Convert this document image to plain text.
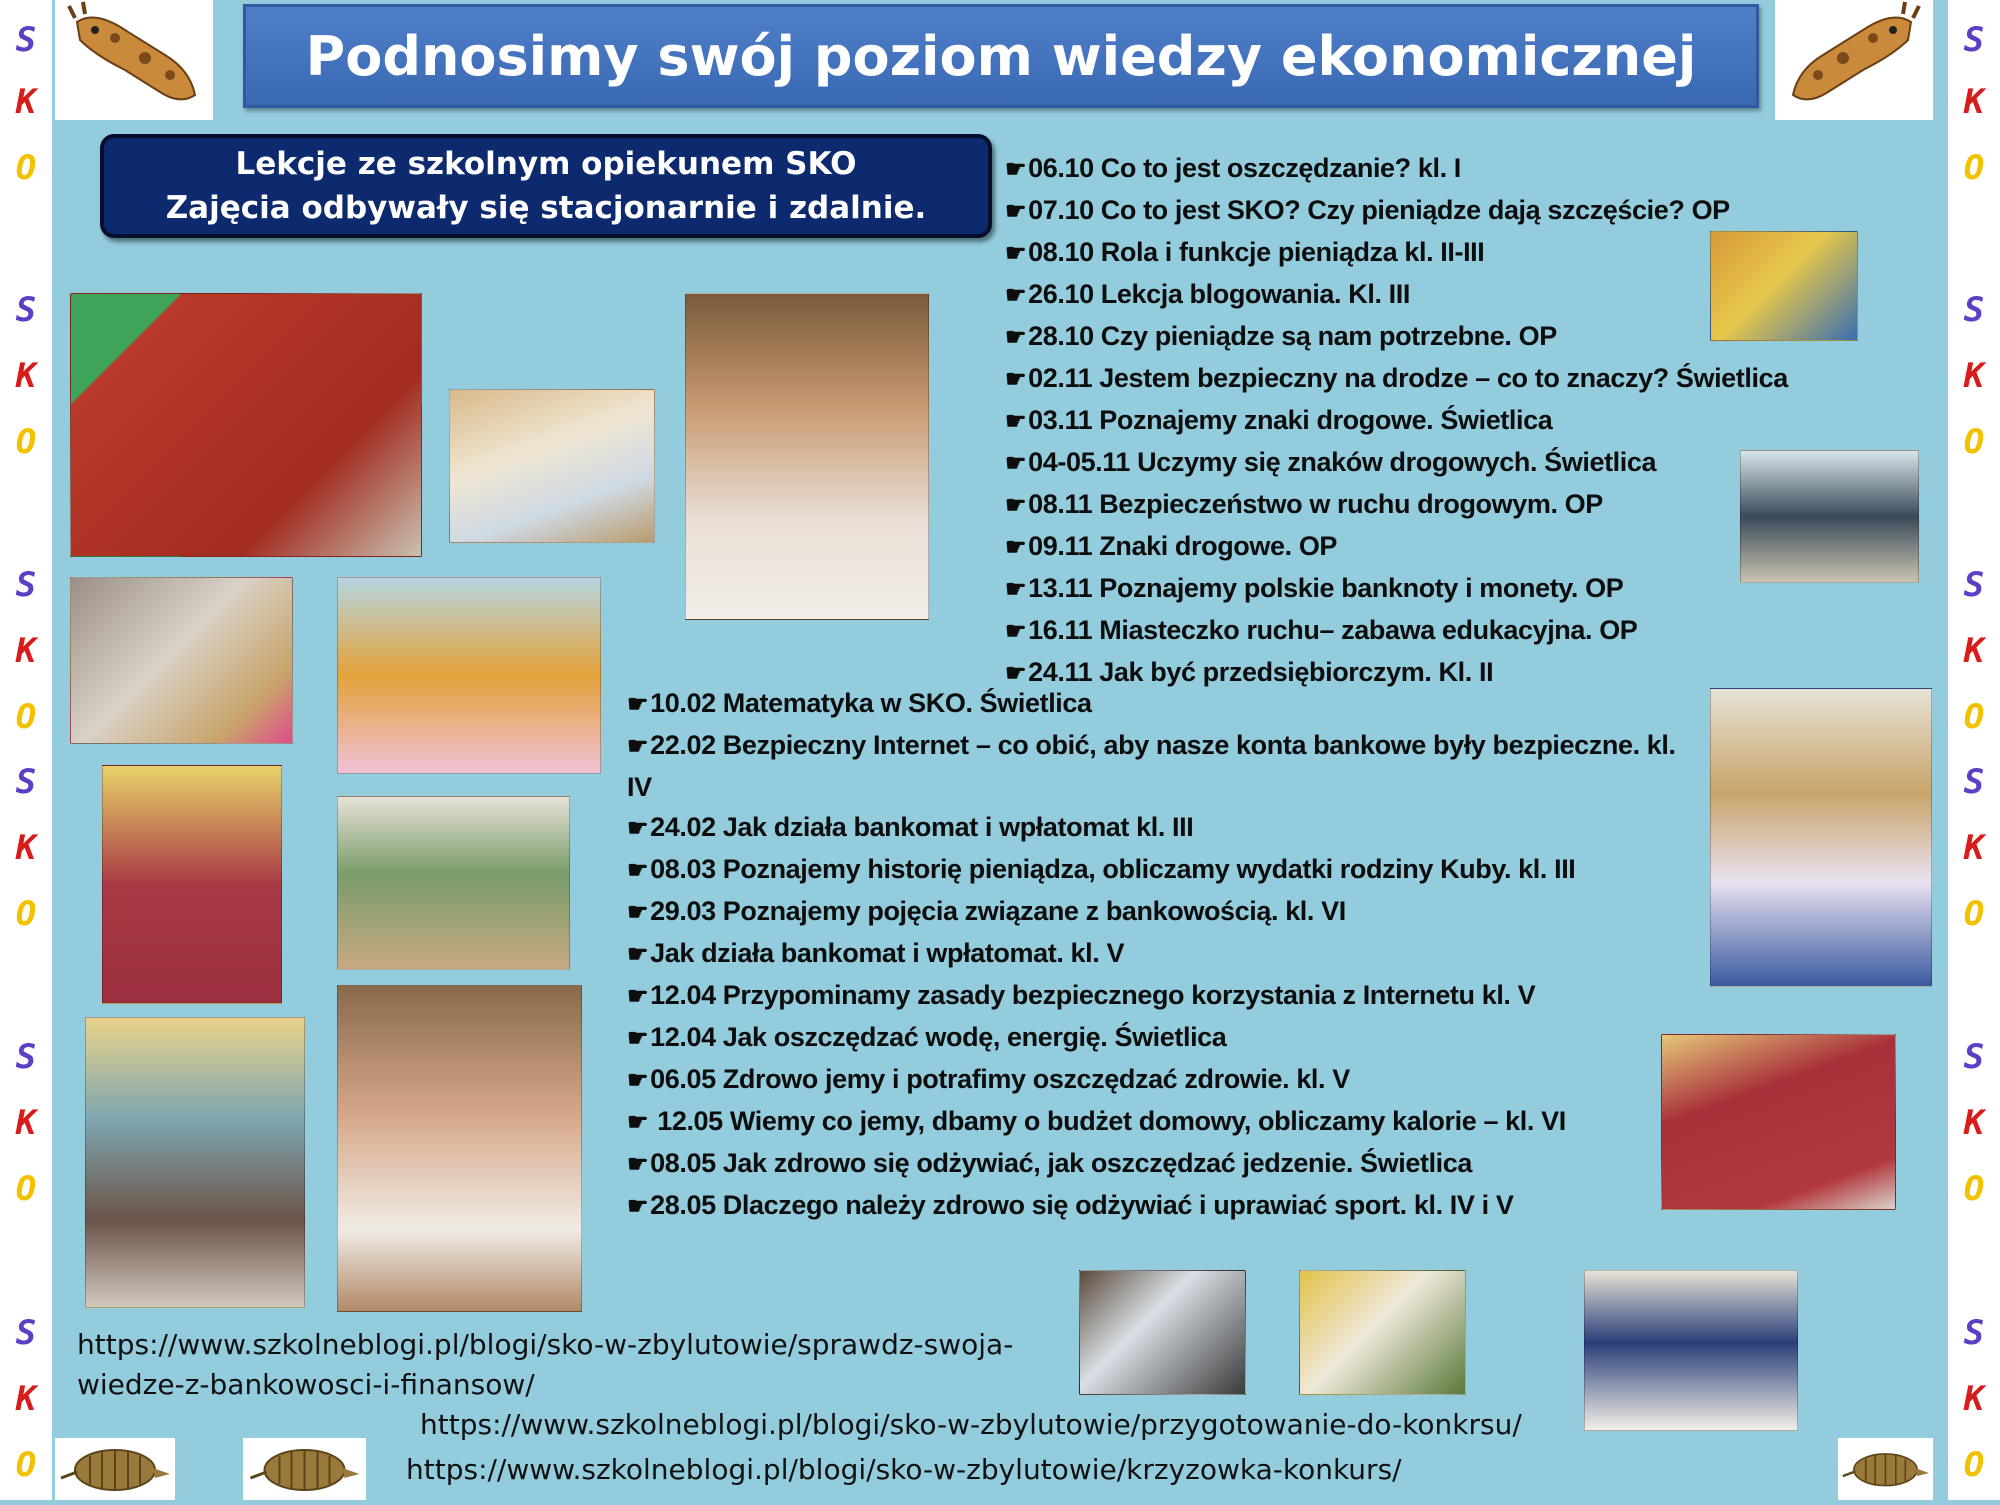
S
K
O
S
K
O
S
K
O
S
K
O
S
K
O
S
K
O
S
K
O
S
K
O
S
K
O
S
K
O
S
K
O
S
K
O
Podnosimy swój poziom wiedzy ekonomicznej
Lekcje ze szkolnym opiekunem SKO
Zajęcia odbywały się stacjonarnie i zdalnie.
☛06.10 Co to jest oszczędzanie? kl. I
☛07.10 Co to jest SKO? Czy pieniądze dają szczęście? OP
☛08.10 Rola i funkcje pieniądza kl. II-III
☛26.10 Lekcja blogowania. Kl. III
☛28.10 Czy pieniądze są nam potrzebne. OP
☛02.11 Jestem bezpieczny na drodze – co to znaczy? Świetlica
☛03.11 Poznajemy znaki drogowe. Świetlica
☛04-05.11 Uczymy się znaków drogowych. Świetlica
☛08.11 Bezpieczeństwo w ruchu drogowym. OP
☛09.11 Znaki drogowe. OP
☛13.11 Poznajemy polskie banknoty i monety. OP
☛16.11 Miasteczko ruchu– zabawa edukacyjna. OP
☛24.11 Jak być przedsiębiorczym. Kl. II
☛10.02 Matematyka w SKO. Świetlica
☛22.02 Bezpieczny Internet – co obić, aby nasze konta bankowe były bezpieczne. kl. IV
☛24.02 Jak działa bankomat i wpłatomat kl. III
☛08.03 Poznajemy historię pieniądza, obliczamy wydatki rodziny Kuby. kl. III
☛29.03 Poznajemy pojęcia związane z bankowością. kl. VI
☛Jak działa bankomat i wpłatomat. kl. V
☛12.04 Przypominamy zasady bezpiecznego korzystania z Internetu kl. V
☛12.04 Jak oszczędzać wodę, energię. Świetlica
☛06.05 Zdrowo jemy i potrafimy oszczędzać zdrowie. kl. V
☛ 12.05 Wiemy co jemy, dbamy o budżet domowy, obliczamy kalorie – kl. VI
☛08.05 Jak zdrowo się odżywiać, jak oszczędzać jedzenie. Świetlica
☛28.05 Dlaczego należy zdrowo się odżywiać i uprawiać sport. kl. IV i V
https://www.szkolneblogi.pl/blogi/sko-w-zbylutowie/sprawdz-swoja-
wiedze-z-bankowosci-i-finansow/
https://www.szkolneblogi.pl/blogi/sko-w-zbylutowie/przygotowanie-do-konkrsu/
https://www.szkolneblogi.pl/blogi/sko-w-zbylutowie/krzyzowka-konkurs/
